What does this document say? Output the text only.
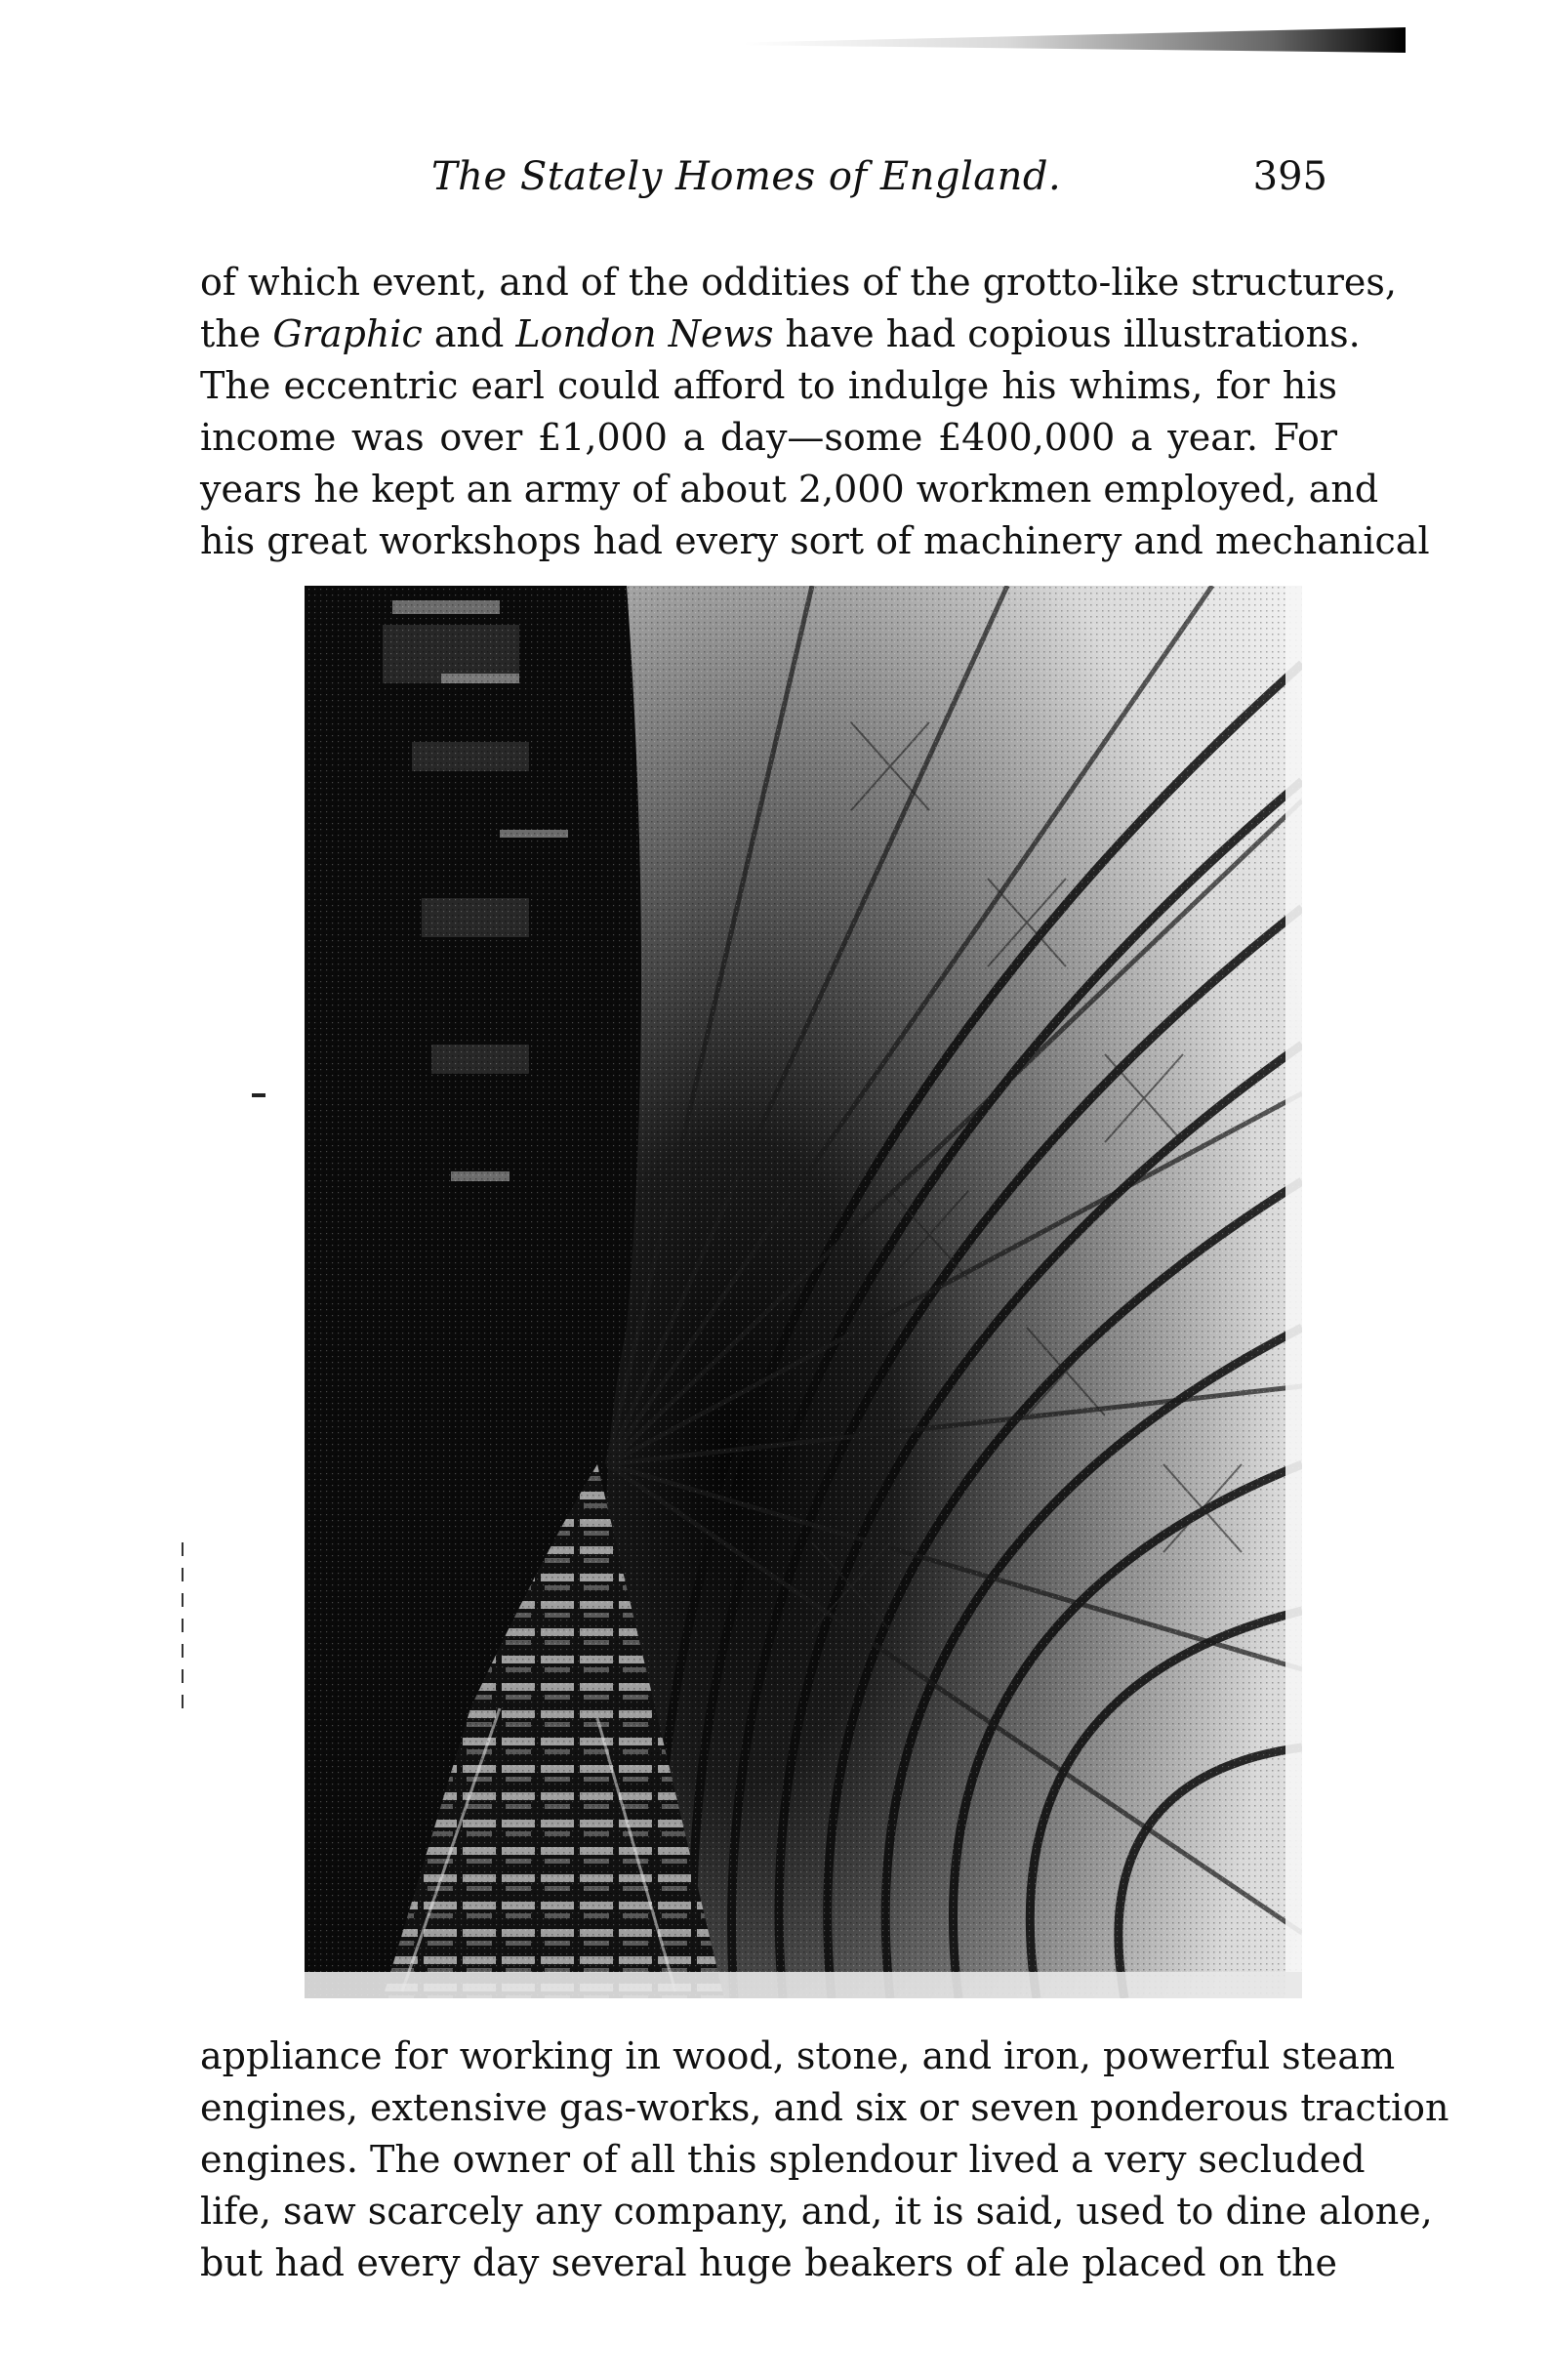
The Stately Homes of England.	395
of which event, and of the oddities of the grotto-like structures,
the Graphic and London News have had copious illustrations.
The eccentric earl could afford to indulge his whims, for his
income was over £1,000 a day—some £400,000 a year. For
years he kept an army of about 2,000 workmen employed, and
his great workshops had every sort of machinery and mechanical
appliance for working in wood, stone, and iron, powerful steam
engines, extensive gas-works, and six or seven ponderous traction
engines. The owner of all this splendour lived a very secluded
life, saw scarcely any company, and, it is said, used to dine alone,
but had every day several huge beakers of ale placed on the
